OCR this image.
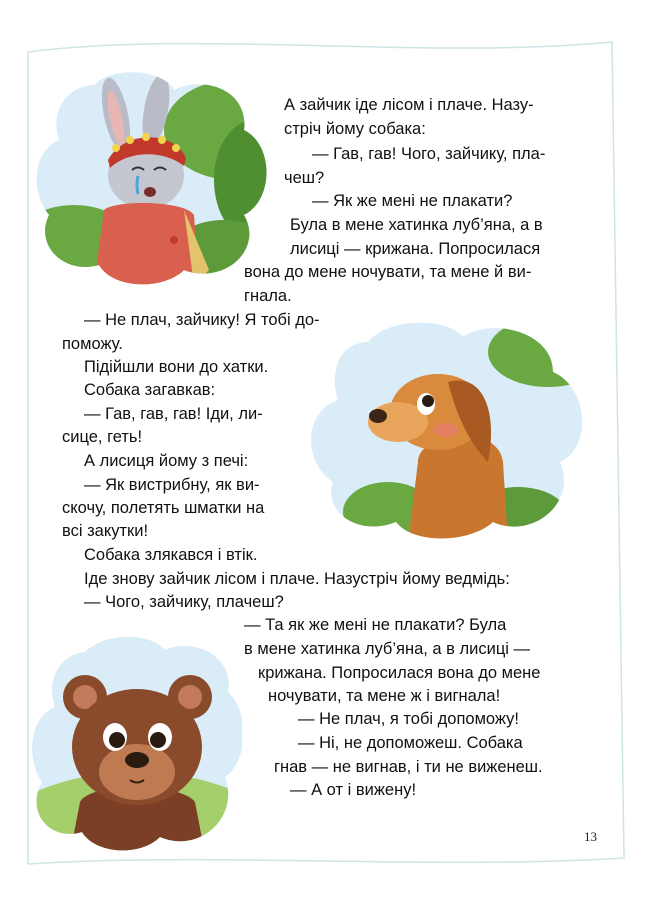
А зайчик іде лісом і плаче. Назу-

стріч йому собака:

— Гав, гав! Чого, зайчику, пла-

чеш?

— Як же мені не плакати?

Була в мене хатинка луб’яна, а в

лисиці — крижана. Попросилася

вона до мене ночувати, та мене й ви-

гнала.

— Не плач, зайчику! Я тобі до-

поможу.

Підійшли вони до хатки.

Собака загавкав:

— Гав, гав, гав! Іди, ли-

сице, геть!

А лисиця йому з печі:

— Як вистрибну, як ви-

скочу, полетять шматки на

всі закутки!

Собака злякався і втік.

Іде знову зайчик лісом і плаче. Назустріч йому ведмідь:

— Чого, зайчику, плачеш?

— Та як же мені не плакати? Була

в мене хатинка луб’яна, а в лисиці —

крижана. Попросилася вона до мене

ночувати, та мене ж і вигнала!

— Не плач, я тобі допоможу!

— Ні, не допоможеш. Собака

гнав — не вигнав, і ти не виженеш.

— А от і вижену!

13
